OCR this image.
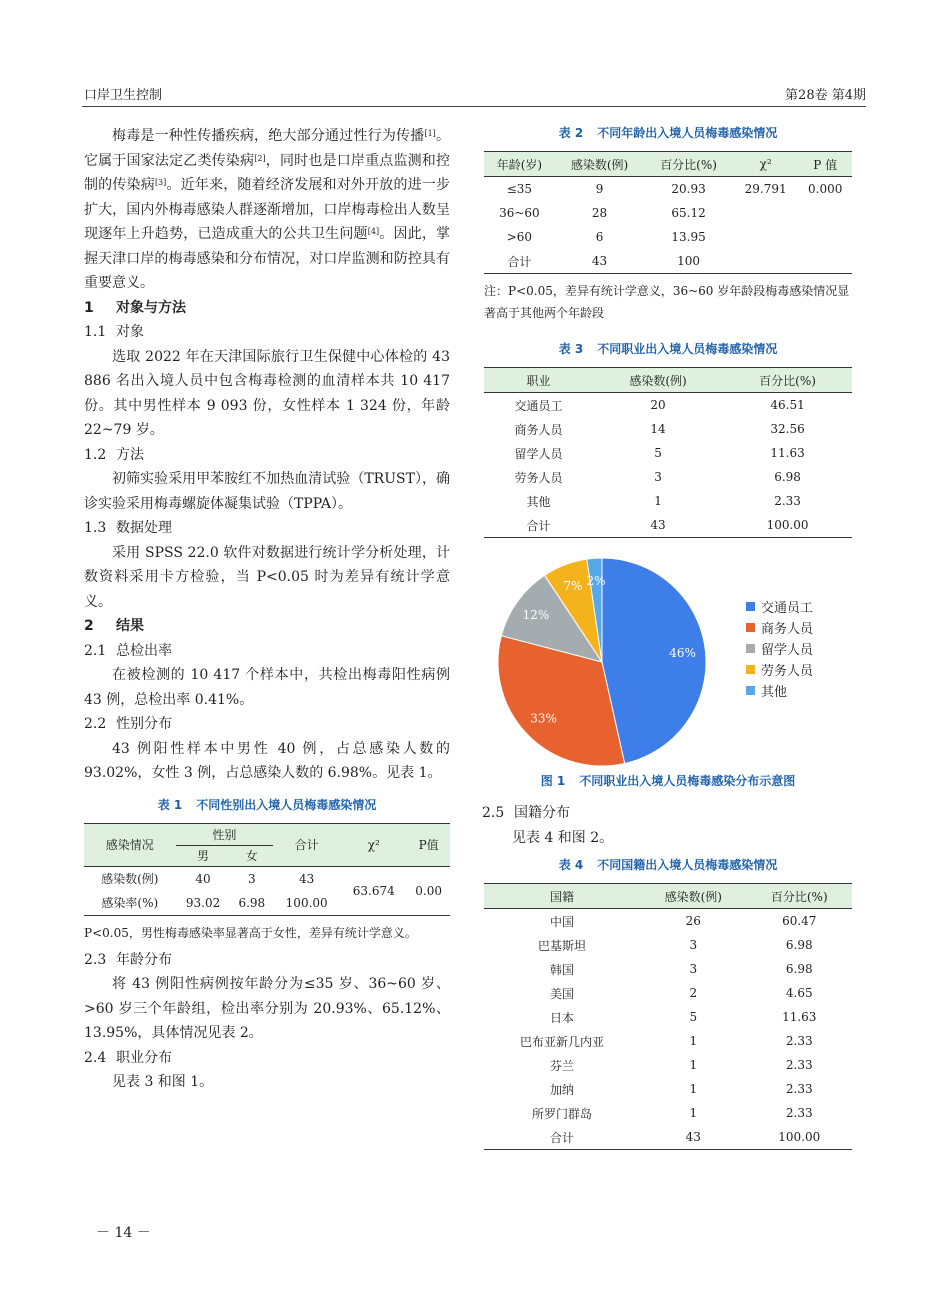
口岸卫生控制	第28卷 第4期

梅毒是一种性传播疾病，绝大部分通过性行为传播[1]。它属于国家法定乙类传染病[2]，同时也是口岸重点监测和控制的传染病[3]。近年来，随着经济发展和对外开放的进一步扩大，国内外梅毒感染人群逐渐增加，口岸梅毒检出人数呈现逐年上升趋势，已造成重大的公共卫生问题[4]。因此，掌握天津口岸的梅毒感染和分布情况，对口岸监测和防控具有重要意义。

1 对象与方法
1.1 对象

选取 2022 年在天津国际旅行卫生保健中心体检的 43 886 名出入境人员中包含梅毒检测的血清样本共 10 417 份。其中男性样本 9 093 份，女性样本 1 324 份，年龄 22~79 岁。

1.2 方法

初筛实验采用甲苯胺红不加热血清试验（TRUST），确诊实验采用梅毒螺旋体凝集试验（TPPA）。

1.3 数据处理

采用 SPSS 22.0 软件对数据进行统计学分析处理，计数资料采用卡方检验，当 P<0.05 时为差异有统计学意义。

2 结果
2.1 总检出率

在被检测的 10 417 个样本中，共检出梅毒阳性病例 43 例，总检出率 0.41%。

2.2 性别分布

43 例阳性样本中男性 40 例，占总感染人数的 93.02%，女性 3 例，占总感染人数的 6.98%。见表 1。

表 1 不同性别出入境人员梅毒感染情况
感染情况	性别		合计	χ²	P值
	男	女			
感染数(例)	40	3	43	63.674	0.00
感染率(%)	93.02	6.98	100.00		
P<0.05，男性梅毒感染率显著高于女性，差异有统计学意义。
2.3 年龄分布

将 43 例阳性病例按年龄分为≤35 岁、36~60 岁、>60 岁三个年龄组，检出率分别为 20.93%、65.12%、13.95%，具体情况见表 2。

2.4 职业分布

见表 3 和图 1。

表 2 不同年龄出入境人员梅毒感染情况
年龄(岁)	感染数(例)	百分比(%)	χ²	P 值
≤35	9	20.93	29.791	0.000
36~60	28	65.12		
>60	6	13.95		
合计	43	100		
注：P<0.05，差异有统计学意义，36~60 岁年龄段梅毒感染情况显著高于其他两个年龄段
表 3 不同职业出入境人员梅毒感染情况
职业	感染数(例)	百分比(%)
交通员工	20	46.51
商务人员	14	32.56
留学人员	5	11.63
劳务人员	3	6.98
其他	1	2.33
合计	43	100.00
46%
33%
12%
7% 2%
交通员工
商务人员
留学人员
劳务人员
其他
图 1 不同职业出入境人员梅毒感染分布示意图
2.5 国籍分布

见表 4 和图 2。

表 4 不同国籍出入境人员梅毒感染情况
国籍	感染数(例)	百分比(%)
中国	26	60.47
巴基斯坦	3	6.98
韩国	3	6.98
美国	2	4.65
日本	5	11.63
巴布亚新几内亚	1	2.33
芬兰	1	2.33
加纳	1	2.33
所罗门群岛	1	2.33
合计	43	100.00
－ 14 －
